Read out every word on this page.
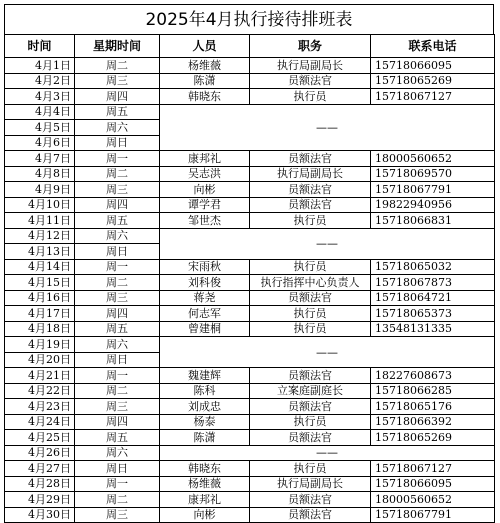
2025年4月执行接待排班表
时间	星期时间	人员	职务	联系电话
4月1日	周二	杨维薇	执行局副局长	15718066095
4月2日	周三	陈潇	员额法官	15718065269
4月3日	周四	韩晓东	执行员	15718067127
4月4日	周五	——		
4月5日	周六			
4月6日	周日			
4月7日	周一	康邦礼	员额法官	18000560652
4月8日	周二	吴志洪	执行局副局长	15718069570
4月9日	周三	向彬	员额法官	15718067791
4月10日	周四	谭学君	员额法官	19822940956
4月11日	周五	邹世杰	执行员	15718066831
4月12日	周六	——		
4月13日	周日			
4月14日	周一	宋雨秋	执行员	15718065032
4月15日	周二	刘科俊	执行指挥中心负责人	15718067873
4月16日	周三	蒋尧	员额法官	15718064721
4月17日	周四	何志军	执行员	15718065373
4月18日	周五	曾建桐	执行员	13548131335
4月19日	周六	——		
4月20日	周日			
4月21日	周一	魏建辉	员额法官	18227608673
4月22日	周二	陈科	立案庭副庭长	15718066285
4月23日	周三	刘成忠	员额法官	15718065176
4月24日	周四	杨泰	执行员	15718066392
4月25日	周五	陈潇	员额法官	15718065269
4月26日	周六	——		
4月27日	周日	韩晓东	执行员	15718067127
4月28日	周一	杨维薇	执行局副局长	15718066095
4月29日	周二	康邦礼	员额法官	18000560652
4月30日	周三	向彬	员额法官	15718067791
